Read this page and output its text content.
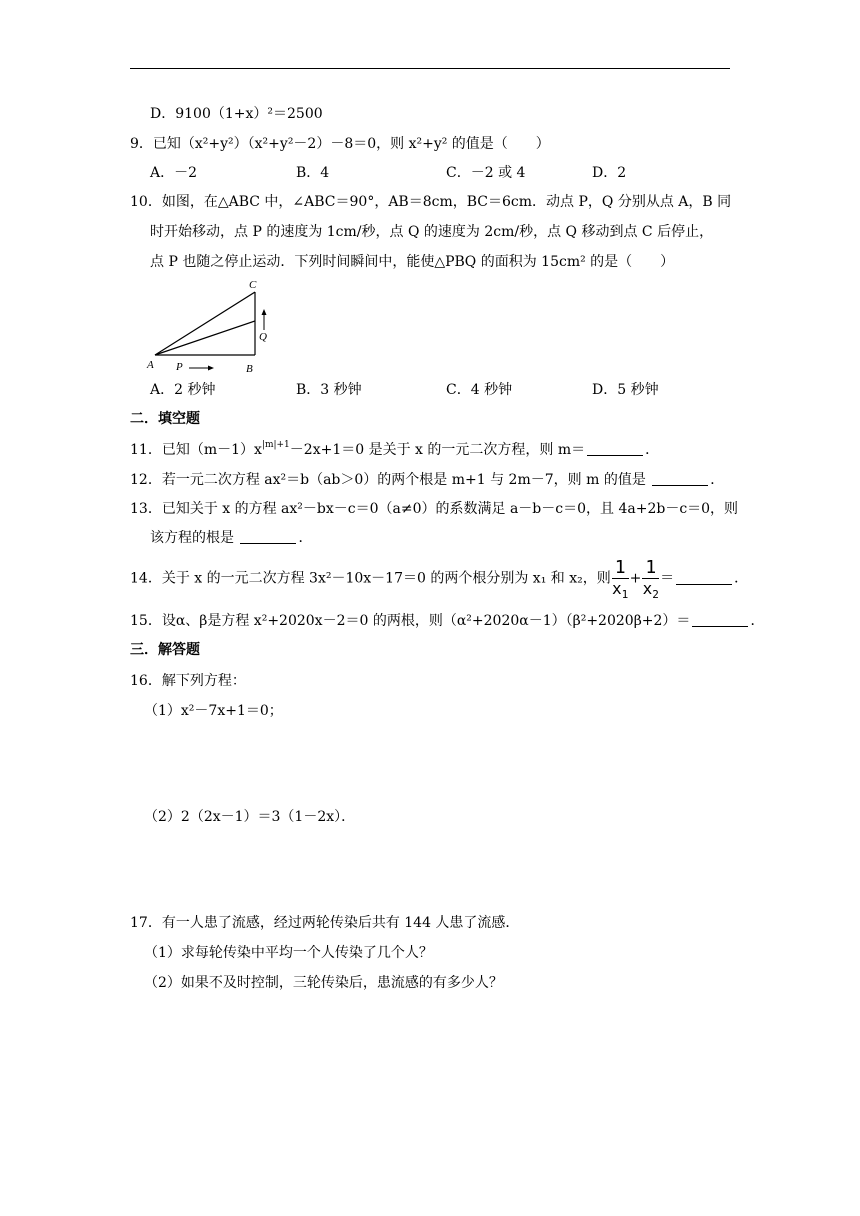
D．9100（1+x）²＝2500
9．已知（x²+y²）（x²+y²－2）－8＝0，则 x²+y² 的值是（　　）
A．－2	B．4	C．－2 或 4	D．2
10．如图，在△ABC 中，∠ABC＝90°，AB＝8cm，BC＝6cm．动点 P，Q 分别从点 A，B 同
时开始移动，点 P 的速度为 1cm/秒，点 Q 的速度为 2cm/秒，点 Q 移动到点 C 后停止，
点 P 也随之停止运动．下列时间瞬间中，能使△PBQ 的面积为 15cm² 的是（　　）
A P	B
C
Q
A．2 秒钟	B．3 秒钟	C．4 秒钟	D．5 秒钟
二．填空题
11．已知$(m-1)x^{|m|+1}-2x+1=0$ 是关于 x 的一元二次方程，则 m＝	．
12．若一元二次方程 ax²＝b（ab＞0）的两个根是 m+1 与 2m－7，则 m 的值是	．
13．已知关于 x 的方程 ax²－bx－c＝0（a≠0）的系数满足 a－b－c＝0，且 4a+2b－c＝0，则
该方程的根是	．
14．关于 x 的一元二次方程 3x²－10x－17＝0 的两个根分别为 x₁ 和 x₂，则 $\frac{1}{x_1} + \frac{1}{x_2}$ ＝	．
15．设α、β是方程 x²+2020x－2＝0 的两根，则（α²+2020α－1）（β²+2020β+2）＝	．
三．解答题
16．解下列方程：
（1）x²－7x+1＝0；
（2）2（2x－1）＝3（1－2x）．
17．有一人患了流感，经过两轮传染后共有 144 人患了流感．
（1）求每轮传染中平均一个人传染了几个人？
（2）如果不及时控制，三轮传染后，患流感的有多少人？
